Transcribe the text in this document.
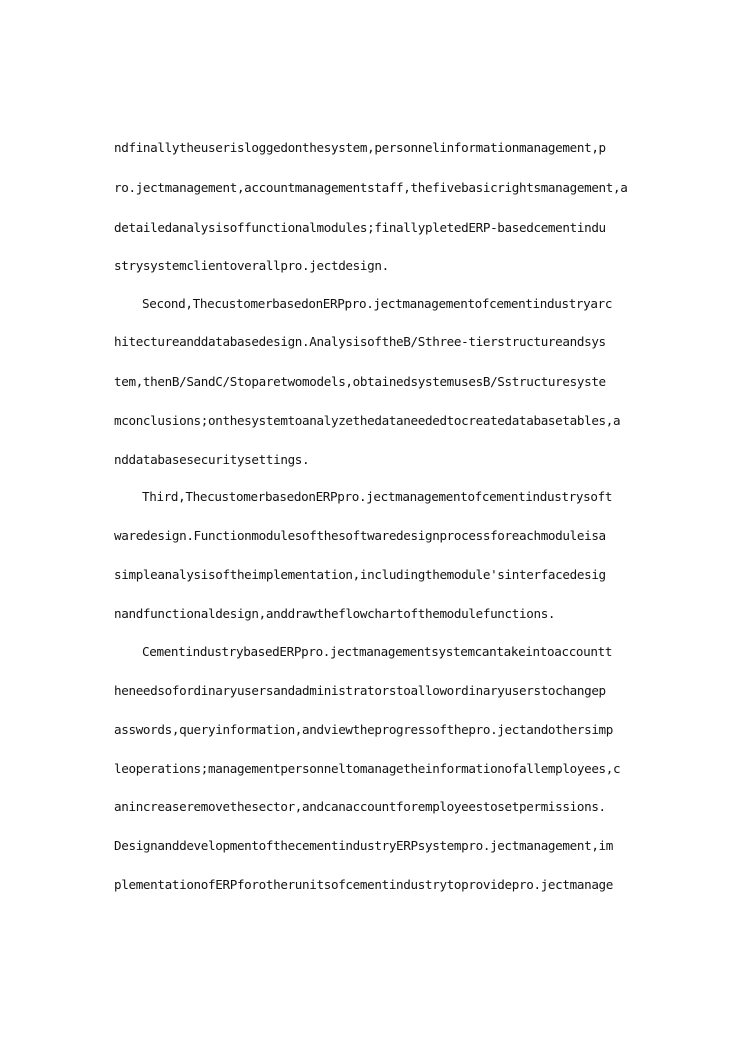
ndfinallytheuserisloggedonthesystem,personnelinformationmanagement,p
ro.jectmanagement,accountmanagementstaff,thefivebasicrightsmanagement,a
detailedanalysisoffunctionalmodules;finallypletedERP-basedcementindu
strysystemclientoverallpro.jectdesign.
Second,ThecustomerbasedonERPpro.jectmanagementofcementindustryarc
hitectureanddatabasedesign.AnalysisoftheB/Sthree-tierstructureandsys
tem,thenB/SandC/Stoparetwomodels,obtainedsystemusesB/Sstructuresyste
mconclusions;onthesystemtoanalyzethedataneededtocreatedatabasetables,a
nddatabasesecuritysettings.
Third,ThecustomerbasedonERPpro.jectmanagementofcementindustrysoft
waredesign.Functionmodulesofthesoftwaredesignprocessforeachmoduleisa
simpleanalysisoftheimplementation,includingthemodule'sinterfacedesig
nandfunctionaldesign,anddrawtheflowchartofthemodulefunctions.
CementindustrybasedERPpro.jectmanagementsystemcantakeintoaccountt
heneedsofordinaryusersandadministratorstoallowordinaryuserstochangep
asswords,queryinformation,andviewtheprogressofthepro.jectandothersimp
leoperations;managementpersonneltomanagetheinformationofallemployees,c
anincreaseremovethesector,andcanaccountforemployeestosetpermissions.
DesignanddevelopmentofthecementindustryERPsystempro.jectmanagement,im
plementationofERPforotherunitsofcementindustrytoprovidepro.jectmanage
